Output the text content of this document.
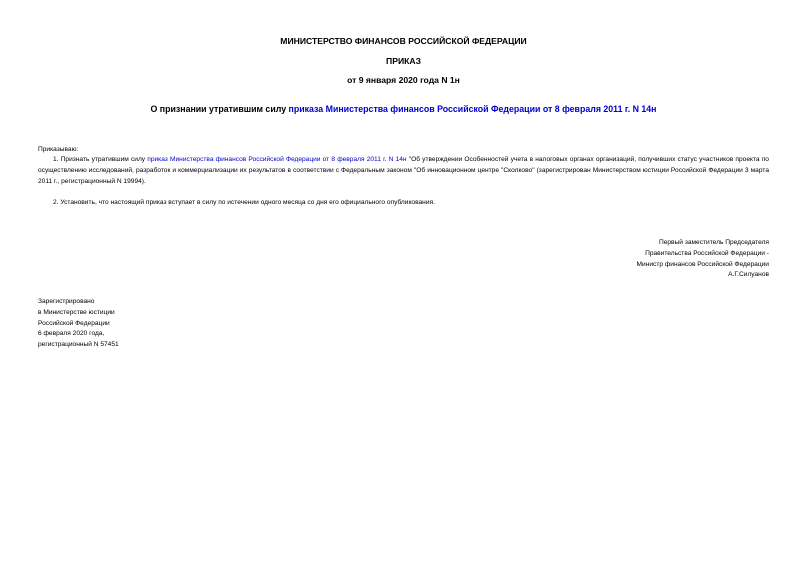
МИНИСТЕРСТВО ФИНАНСОВ РОССИЙСКОЙ ФЕДЕРАЦИИ

ПРИКАЗ

от 9 января 2020 года N 1н

О признании утратившим силу приказа Министерства финансов Российской Федерации от 8 февраля 2011 г. N 14н

Приказываю:

1. Признать утратившим силу приказ Министерства финансов Российской Федерации от 8 февраля 2011 г. N 14н "Об утверждении Особенностей учета в налоговых органах организаций, получивших статус участников проекта по осуществлению исследований, разработок и коммерциализации их результатов в соответствии с Федеральным законом "Об инновационном центре "Сколково" (зарегистрирован Министерством юстиции Российской Федерации 3 марта 2011 г., регистрационный N 19994).

2. Установить, что настоящий приказ вступает в силу по истечении одного месяца со дня его официального опубликования.

Первый заместитель Председателя
Правительства Российской Федерации -
Министр финансов Российской Федерации
А.Г.Силуанов
Зарегистрировано
в Министерстве юстиции
Российской Федерации
6 февраля 2020 года,
регистрационный N 57451
